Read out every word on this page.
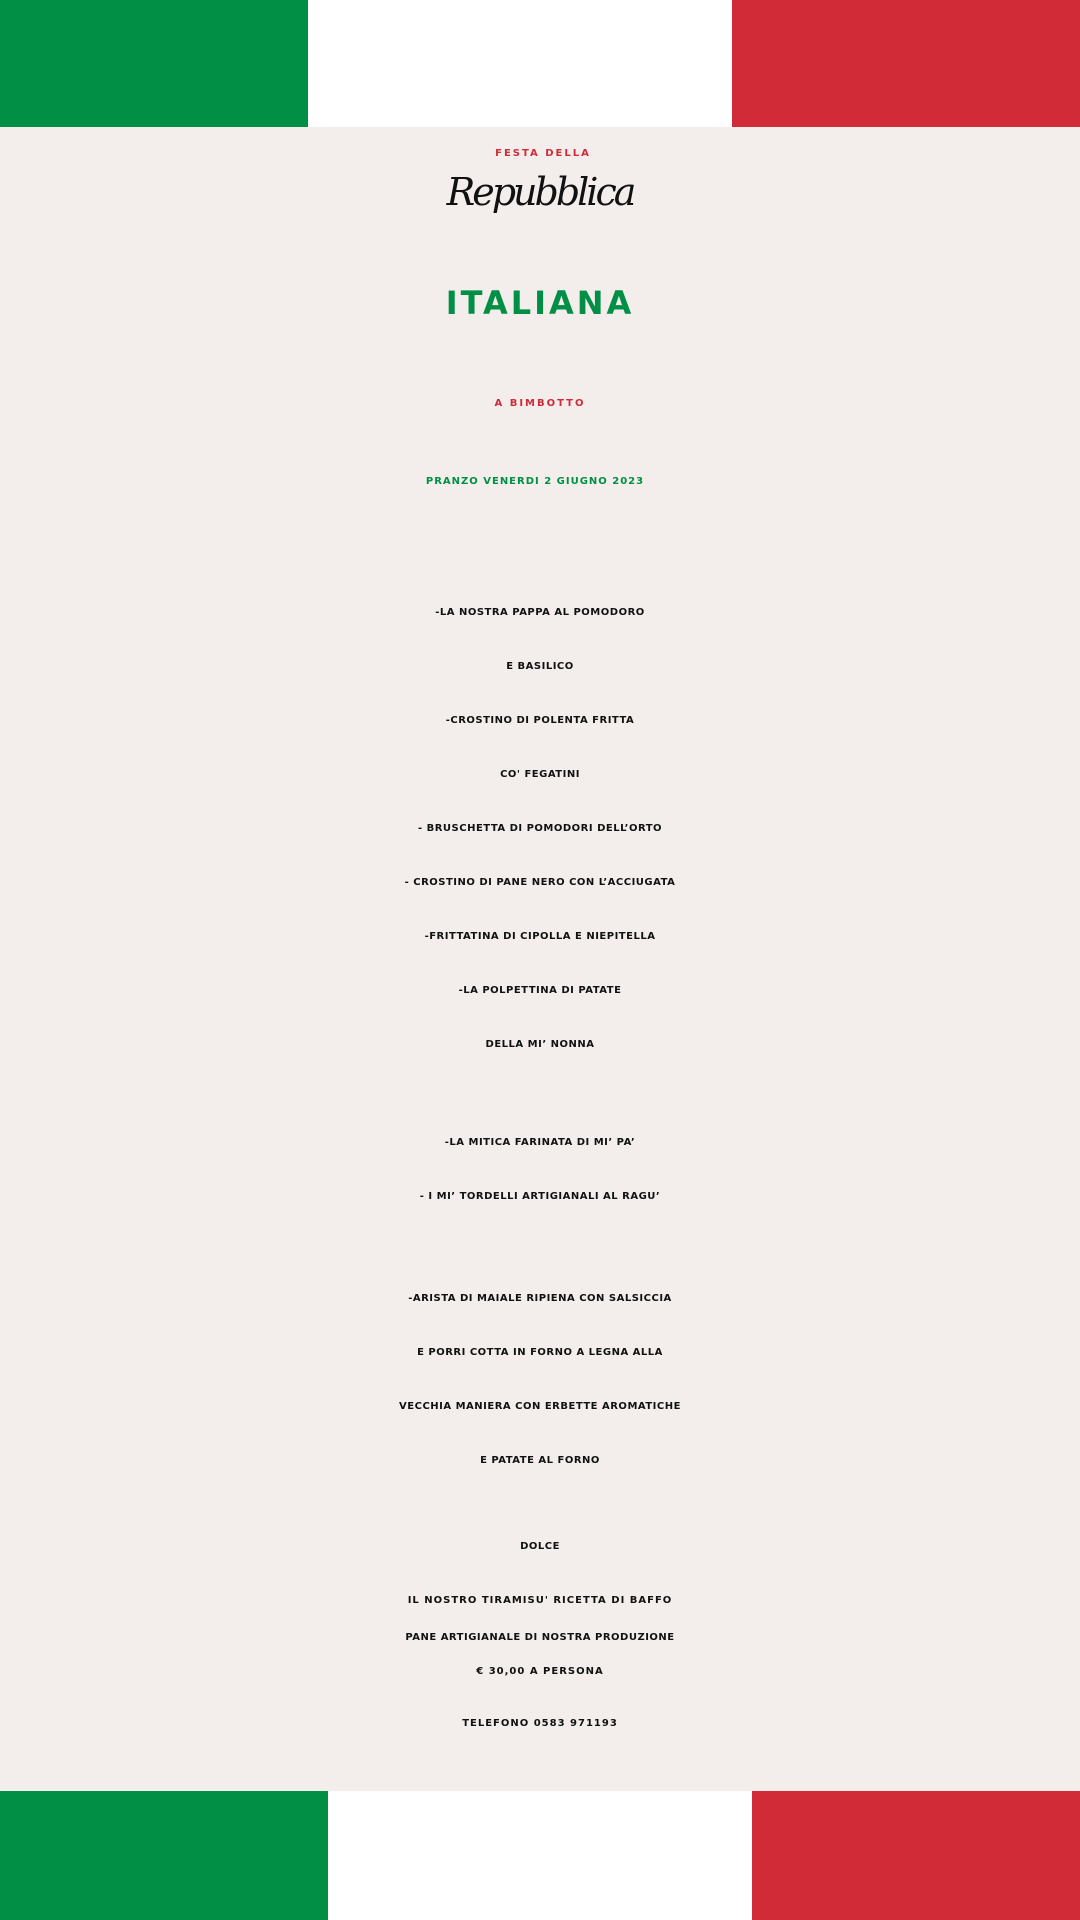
FESTA DELLA

Repubblica

ITALIANA

A BIMBOTTO

PRANZO VENERDI 2 GIUGNO 2023

-LA NOSTRA PAPPA AL POMODORO

E BASILICO

-CROSTINO DI POLENTA FRITTA

CO' FEGATINI

- BRUSCHETTA DI POMODORI DELL’ORTO

- CROSTINO DI PANE NERO CON L’ACCIUGATA

-FRITTATINA DI CIPOLLA E NIEPITELLA

-LA POLPETTINA DI PATATE

DELLA MI’ NONNA

-LA MITICA FARINATA DI MI’ PA’

- I MI’ TORDELLI ARTIGIANALI AL RAGU’

-ARISTA DI MAIALE RIPIENA CON SALSICCIA

E PORRI COTTA IN FORNO A LEGNA ALLA

VECCHIA MANIERA CON ERBETTE AROMATICHE

E PATATE AL FORNO

DOLCE

IL NOSTRO TIRAMISU' RICETTA DI BAFFO

PANE ARTIGIANALE DI NOSTRA PRODUZIONE

€ 30,00 A PERSONA

TELEFONO 0583 971193
